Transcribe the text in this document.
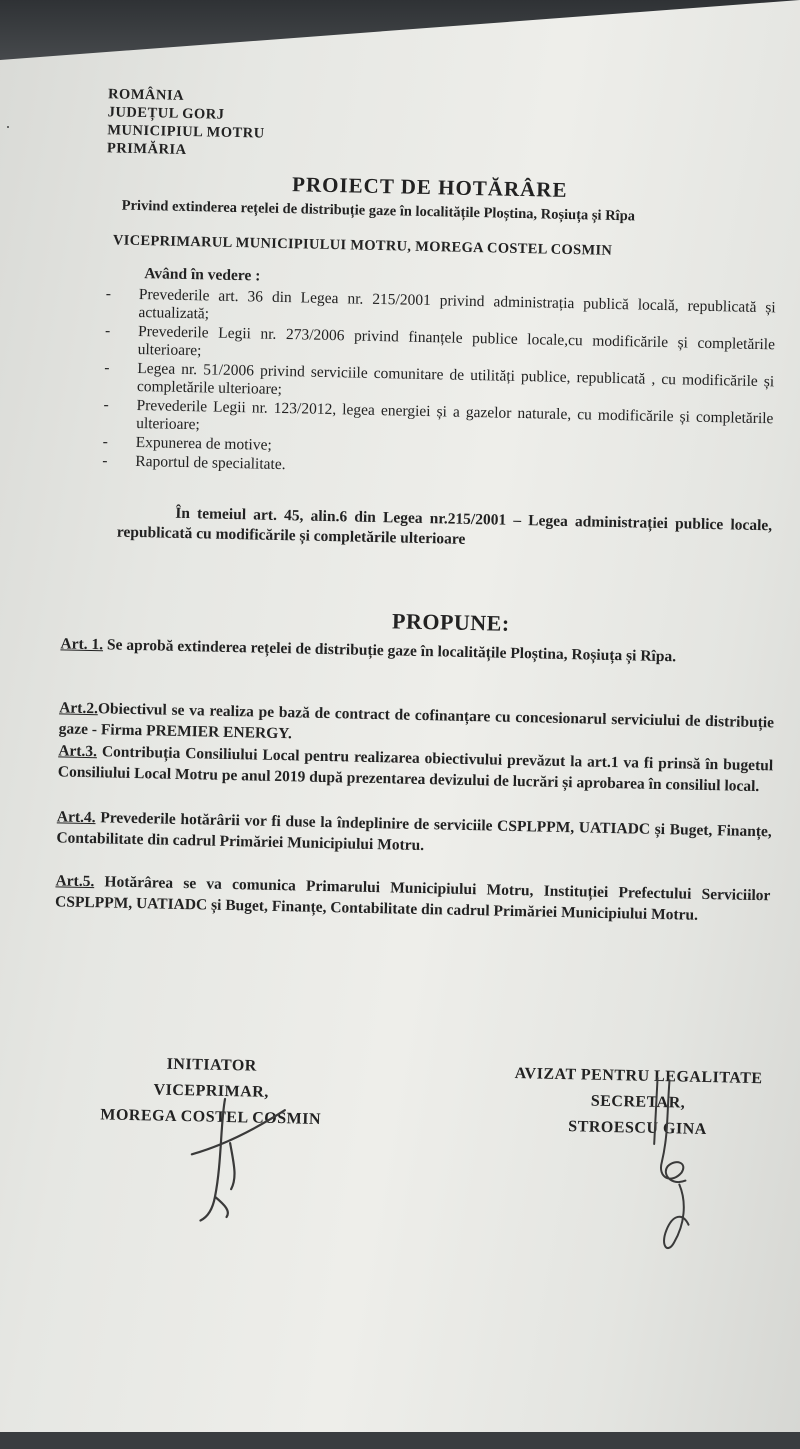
ROMÂNIA
JUDEȚUL GORJ
MUNICIPIUL MOTRU
PRIMĂRIA
PROIECT DE HOTĂRÂRE
Privind extinderea rețelei de distribuție gaze în localitățile Ploștina, Roșiuța și Rîpa
VICEPRIMARUL MUNICIPIULUI MOTRU, MOREGA COSTEL COSMIN
Având în vedere :
- Prevederile art. 36 din Legea nr. 215/2001 privind administrația publică locală, republicată și actualizată;
- Prevederile Legii nr. 273/2006 privind finanțele publice locale,cu modificările și completările ulterioare;
- Legea nr. 51/2006 privind serviciile comunitare de utilități publice, republicată , cu modificările și completările ulterioare;
- Prevederile Legii nr. 123/2012, legea energiei și a gazelor naturale, cu modificările și completările ulterioare;
- Expunerea de motive;
- Raportul de specialitate.
În temeiul art. 45, alin.6 din Legea nr.215/2001 – Legea administrației publice locale, republicată cu modificările și completările ulterioare
PROPUNE:
Art. 1. Se aprobă extinderea rețelei de distribuție gaze în localitățile Ploștina, Roșiuța și Rîpa.
Art.2.Obiectivul se va realiza pe bază de contract de cofinanțare cu concesionarul serviciului de distribuție gaze - Firma PREMIER ENERGY.
Art.3. Contribuția Consiliului Local pentru realizarea obiectivului prevăzut la art.1 va fi prinsă în bugetul Consiliului Local Motru pe anul 2019 după prezentarea devizului de lucrări și aprobarea în consiliul local.
Art.4. Prevederile hotărârii vor fi duse la îndeplinire de serviciile CSPLPPM, UATIADC și Buget, Finanțe, Contabilitate din cadrul Primăriei Municipiului Motru.
Art.5. Hotărârea se va comunica Primarului Municipiului Motru, Instituției Prefectului Serviciilor CSPLPPM, UATIADC și Buget, Finanțe, Contabilitate din cadrul Primăriei Municipiului Motru.
INITIATOR
VICEPRIMAR,
MOREGA COSTEL COSMIN
AVIZAT PENTRU LEGALITATE
SECRETAR,
STROESCU GINA
